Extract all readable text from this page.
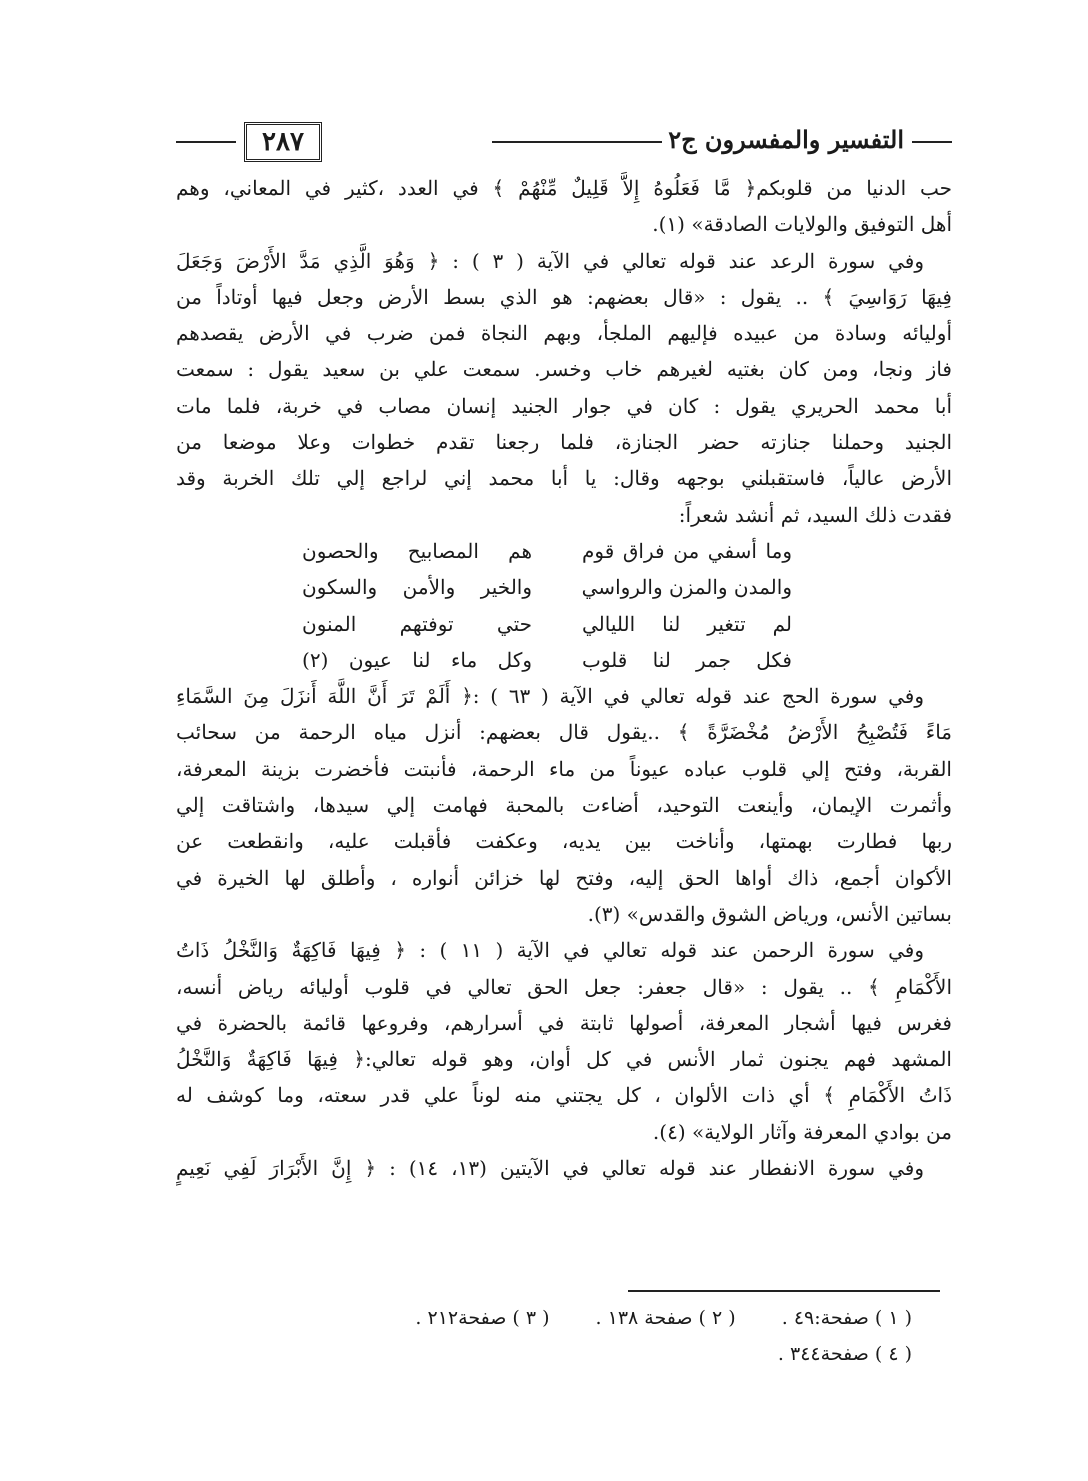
التفسير والمفسرون ج٢
٢٨٧
حب الدنيا من قلوبكم﴿ مَّا فَعَلُوهُ إِلاَّ قَلِيلٌ مِّنْهُمْ ﴾ في العدد ،كثير في المعاني، وهم
أهل التوفيق والولايات الصادقة» (١).
وفي سورة الرعد عند قوله تعالي في الآية ( ٣ ) : ﴿ وَهُوَ الَّذِي مَدَّ الأَرْضَ وَجَعَلَ
فِيهَا رَوَاسِيَ ﴾ .. يقول : «قال بعضهم: هو الذي بسط الأرض وجعل فيها أوتاداً من
أوليائه وسادة من عبيده فإليهم الملجأ، وبهم النجاة فمن ضرب في الأرض يقصدهم
فاز ونجا، ومن كان بغتيه لغيرهم خاب وخسر. سمعت علي بن سعيد يقول : سمعت
أبا محمد الحريري يقول : كان في جوار الجنيد إنسان مصاب في خربة، فلما مات
الجنيد وحملنا جنازته حضر الجنازة، فلما رجعنا تقدم خطوات وعلا موضعا من
الأرض عالياً، فاستقبلني بوجهه وقال: يا أبا محمد إني لراجع إلي تلك الخربة وقد
فقدت ذلك السيد، ثم أنشد شعراً:
وما أسفي من فراق قوم
هم المصابيح والحصون
والمدن والمزن والرواسي
والخير والأمن والسكون
لم تتغير لنا الليالي
حتي توفتهم المنون
فكل جمر لنا قلوب
وكل ماء لنا عيون (٢)
وفي سورة الحج عند قوله تعالي في الآية ( ٦٣ ) :﴿ أَلَمْ تَرَ أَنَّ اللَّهَ أَنزَلَ مِنَ السَّمَاءِ
مَاءً فَتُصْبِحُ الأَرْضُ مُخْضَرَّةً ﴾ ..يقول قال بعضهم: أنزل مياه الرحمة من سحائب
القربة، وفتح إلي قلوب عباده عيوناً من ماء الرحمة، فأنبتت فأخضرت بزينة المعرفة،
وأثمرت الإيمان، وأينعت التوحيد، أضاءت بالمحبة فهامت إلي سيدها، واشتاقت إلي
ربها فطارت بهمتها، وأناخت بين يديه، وعكفت فأقبلت عليه، وانقطعت عن
الأكوان أجمع، ذاك أواها الحق إليه، وفتح لها خزائن أنواره ، وأطلق لها الخيرة في
بساتين الأنس، ورياض الشوق والقدس» (٣).
وفي سورة الرحمن عند قوله تعالي في الآية ( ١١ ) : ﴿ فِيهَا فَاكِهَةٌ وَالنَّخْلُ ذَاتُ
الأَكْمَامِ ﴾ .. يقول : «قال جعفر: جعل الحق تعالي في قلوب أوليائه رياض أنسه،
فغرس فيها أشجار المعرفة، أصولها ثابتة في أسرارهم، وفروعها قائمة بالحضرة في
المشهد فهم يجنون ثمار الأنس في كل أوان، وهو قوله تعالي:﴿ فِيهَا فَاكِهَةٌ وَالنَّخْلُ
ذَاتُ الأَكْمَامِ ﴾ أي ذات الألوان ، كل يجتني منه لوناً علي قدر سعته، وما كوشف له
من بوادي المعرفة وآثار الولاية» (٤).
وفي سورة الانفطار عند قوله تعالي في الآيتين (١٣، ١٤) : ﴿ إِنَّ الأَبْرَارَ لَفِي نَعِيمٍ
( ١ ) صفحة:٤٩ . ( ٢ ) صفحة ١٣٨ . ( ٣ ) صفحة٢١٢ .
( ٤ ) صفحة٣٤٤ .
